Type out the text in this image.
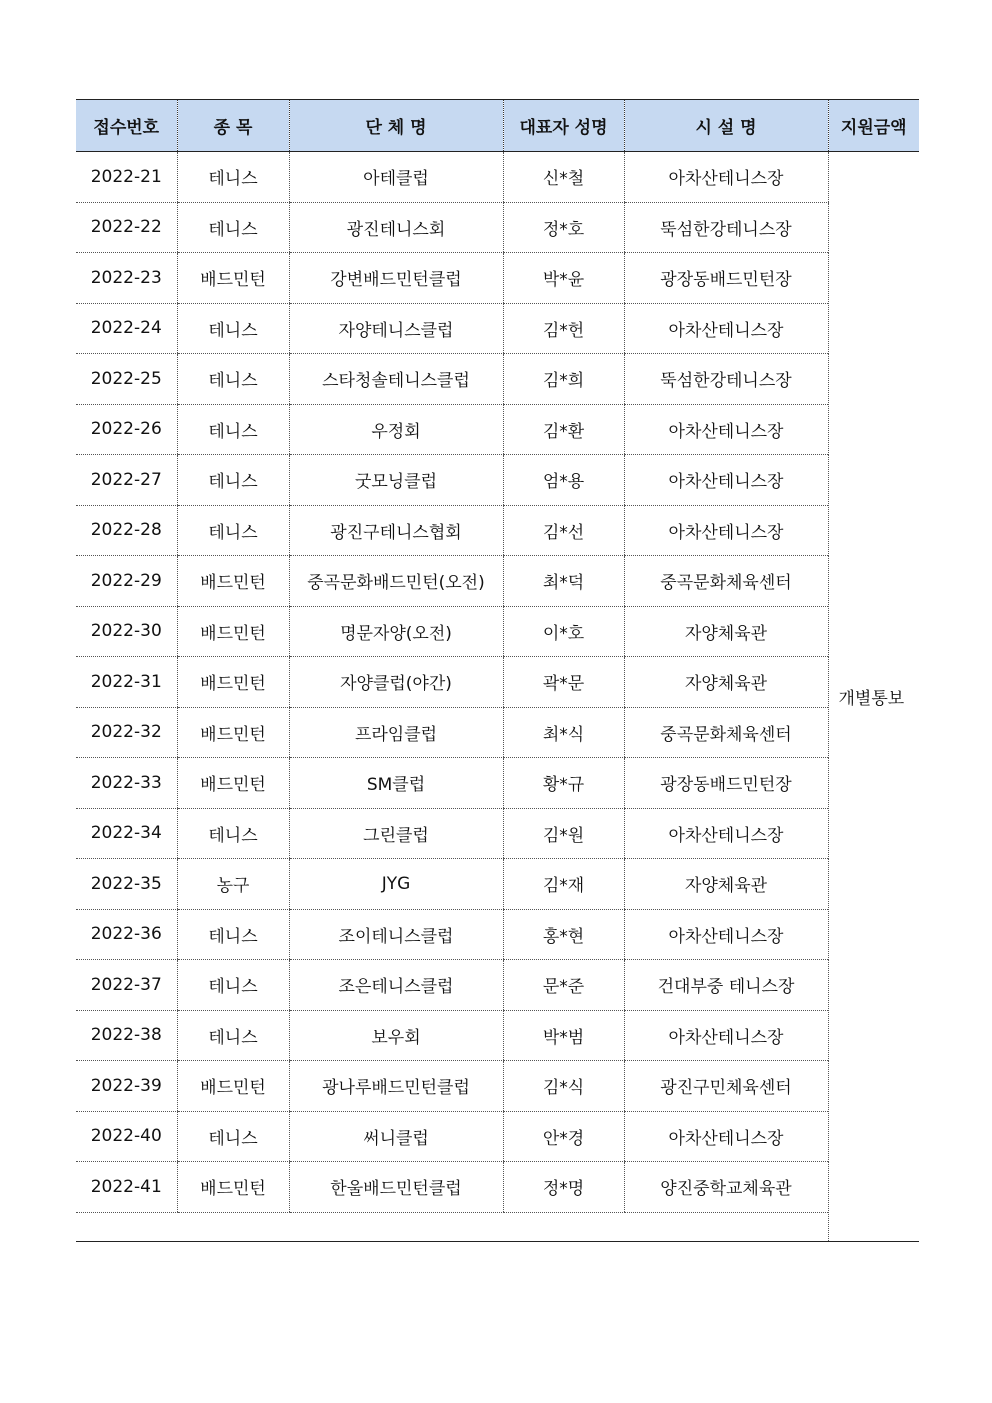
접수번호	종 목	단 체 명	대표자 성명	시 설 명	지원금액
2022-21	테니스	아테클럽	신*철	아차산테니스장	개별통보
2022-22	테니스	광진테니스회	정*호	뚝섬한강테니스장	
2022-23	배드민턴	강변배드민턴클럽	박*윤	광장동배드민턴장	
2022-24	테니스	자양테니스클럽	김*헌	아차산테니스장	
2022-25	테니스	스타청솔테니스클럽	김*희	뚝섬한강테니스장	
2022-26	테니스	우정회	김*환	아차산테니스장	
2022-27	테니스	굿모닝클럽	엄*용	아차산테니스장	
2022-28	테니스	광진구테니스협회	김*선	아차산테니스장	
2022-29	배드민턴	중곡문화배드민턴(오전)	최*덕	중곡문화체육센터	
2022-30	배드민턴	명문자양(오전)	이*호	자양체육관	
2022-31	배드민턴	자양클럽(야간)	곽*문	자양체육관	
2022-32	배드민턴	프라임클럽	최*식	중곡문화체육센터	
2022-33	배드민턴	SM클럽	황*규	광장동배드민턴장	
2022-34	테니스	그린클럽	김*원	아차산테니스장	
2022-35	농구	JYG	김*재	자양체육관	
2022-36	테니스	조이테니스클럽	홍*현	아차산테니스장	
2022-37	테니스	조은테니스클럽	문*준	건대부중 테니스장	
2022-38	테니스	보우회	박*범	아차산테니스장	
2022-39	배드민턴	광나루배드민턴클럽	김*식	광진구민체육센터	
2022-40	테니스	써니클럽	안*경	아차산테니스장	
2022-41	배드민턴	한울배드민턴클럽	정*명	양진중학교체육관	
